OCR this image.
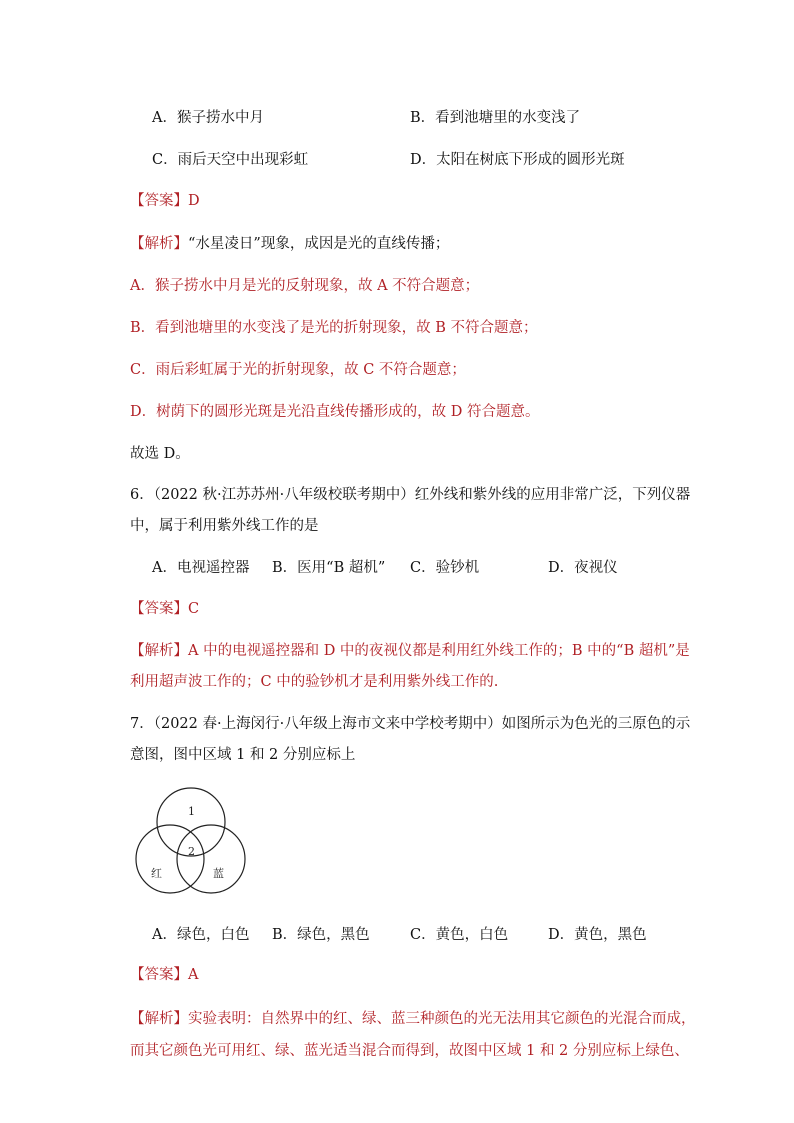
A．猴子捞水中月	B．看到池塘里的水变浅了
C．雨后天空中出现彩虹	D．太阳在树底下形成的圆形光斑
【答案】D
【解析】“水星凌日”现象，成因是光的直线传播；
A．猴子捞水中月是光的反射现象，故 A 不符合题意；
B．看到池塘里的水变浅了是光的折射现象，故 B 不符合题意；
C．雨后彩虹属于光的折射现象，故 C 不符合题意；
D．树荫下的圆形光斑是光沿直线传播形成的，故 D 符合题意。
故选 D。
6．（2022 秋·江苏苏州·八年级校联考期中）红外线和紫外线的应用非常广泛，下列仪器
中，属于利用紫外线工作的是
A．电视遥控器 B．医用“B 超机” C．验钞机	D．夜视仪
【答案】C
【解析】A 中的电视遥控器和 D 中的夜视仪都是利用红外线工作的；B 中的“B 超机”是
利用超声波工作的；C 中的验钞机才是利用紫外线工作的.
7．（2022 春·上海闵行·八年级上海市文来中学校考期中）如图所示为色光的三原色的示
意图，图中区域 1 和 2 分别应标上
1
2
红	蓝
A．绿色，白色 B．绿色，黑色	C．黄色，白色	D．黄色，黑色
【答案】A
【解析】实验表明：自然界中的红、绿、蓝三种颜色的光无法用其它颜色的光混合而成，
而其它颜色光可用红、绿、蓝光适当混合而得到，故图中区域 1 和 2 分别应标上绿色、
